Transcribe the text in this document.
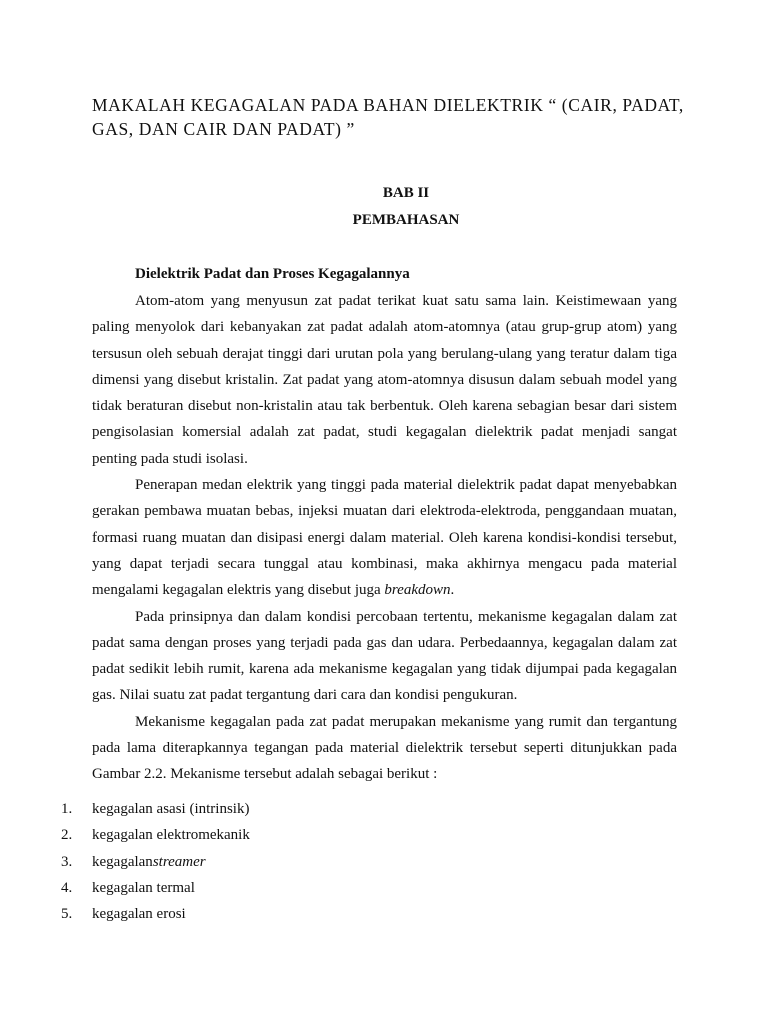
MAKALAH KEGAGALAN PADA BAHAN DIELEKTRIK “ (CAIR, PADAT, GAS, DAN CAIR DAN PADAT) ”
BAB II
PEMBAHASAN
Dielektrik Padat dan Proses Kegagalannya

Atom-atom yang menyusun zat padat terikat kuat satu sama lain. Keistimewaan yang paling menyolok dari kebanyakan zat padat adalah atom-atomnya (atau grup-grup atom) yang tersusun oleh sebuah derajat tinggi dari urutan pola yang berulang-ulang yang teratur dalam tiga dimensi yang disebut kristalin. Zat padat yang atom-atomnya disusun dalam sebuah model yang tidak beraturan disebut non-kristalin atau tak berbentuk. Oleh karena sebagian besar dari sistem pengisolasian komersial adalah zat padat, studi kegagalan dielektrik padat menjadi sangat penting pada studi isolasi.

Penerapan medan elektrik yang tinggi pada material dielektrik padat dapat menyebabkan gerakan pembawa muatan bebas, injeksi muatan dari elektroda-elektroda, penggandaan muatan, formasi ruang muatan dan disipasi energi dalam material. Oleh karena kondisi-kondisi tersebut, yang dapat terjadi secara tunggal atau kombinasi, maka akhirnya mengacu pada material mengalami kegagalan elektris yang disebut juga breakdown.

Pada prinsipnya dan dalam kondisi percobaan tertentu, mekanisme kegagalan dalam zat padat sama dengan proses yang terjadi pada gas dan udara. Perbedaannya, kegagalan dalam zat padat sedikit lebih rumit, karena ada mekanisme kegagalan yang tidak dijumpai pada kegagalan gas. Nilai suatu zat padat tergantung dari cara dan kondisi pengukuran.

Mekanisme kegagalan pada zat padat merupakan mekanisme yang rumit dan tergantung pada lama diterapkannya tegangan pada material dielektrik tersebut seperti ditunjukkan pada Gambar 2.2. Mekanisme tersebut adalah sebagai berikut :

1.	kegagalan asasi (intrinsik)
2.	kegagalan elektromekanik
3.	kegagalan streamer
4.	kegagalan termal
5.	kegagalan erosi
